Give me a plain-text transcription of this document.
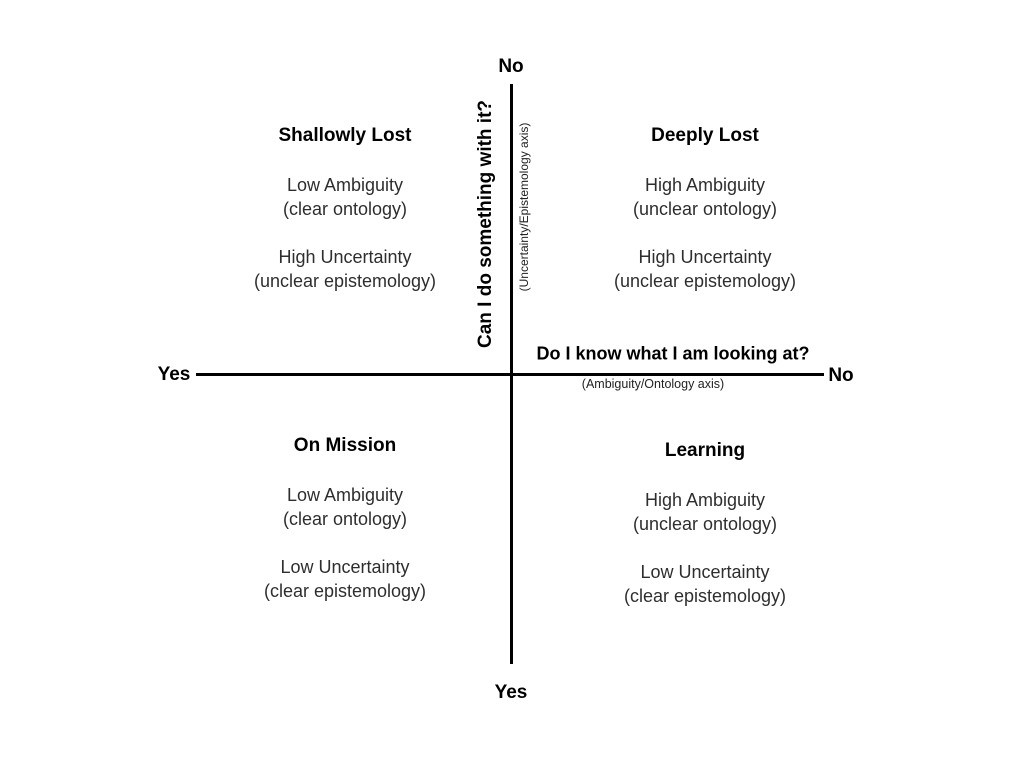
No
Yes
Can I do something with it? (Uncertainty/Epistemology axis)
Yes	No
Do I know what I am looking at?
(Ambiguity/Ontology axis)
Shallowly Lost
Low Ambiguity
(clear ontology)
High Uncertainty
(unclear epistemology)
Deeply Lost
High Ambiguity
(unclear ontology)
High Uncertainty
(unclear epistemology)
On Mission
Low Ambiguity
(clear ontology)
Low Uncertainty
(clear epistemology)
Learning
High Ambiguity
(unclear ontology)
Low Uncertainty
(clear epistemology)
